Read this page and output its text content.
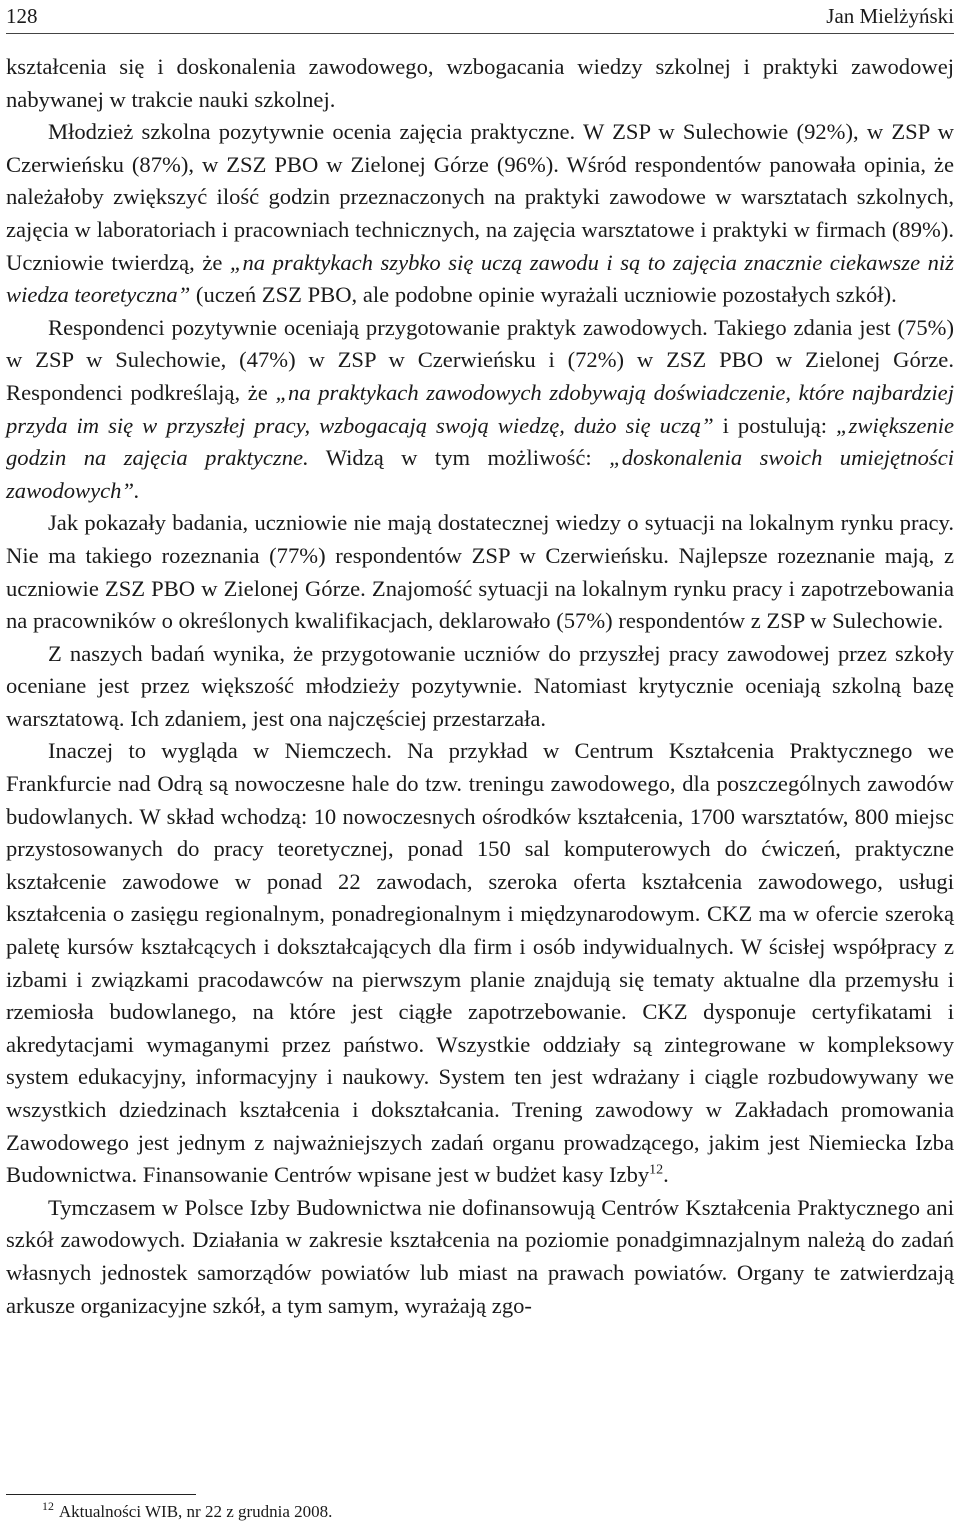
128	Jan Mielżyński

kształcenia się i doskonalenia zawodowego, wzbogacania wiedzy szkolnej i praktyki zawodowej nabywanej w trakcie nauki szkolnej.

Młodzież szkolna pozytywnie ocenia zajęcia praktyczne. W ZSP w Sulechowie (92%), w ZSP w Czerwieńsku (87%), w ZSZ PBO w Zielonej Górze (96%). Wśród respondentów panowała opinia, że należałoby zwiększyć ilość godzin przeznaczonych na praktyki zawodowe w warsztatach szkolnych, zajęcia w laboratoriach i pracowniach technicznych, na zajęcia warsztatowe i praktyki w firmach (89%). Uczniowie twierdzą, że „na praktykach szybko się uczą zawodu i są to zajęcia znacznie ciekawsze niż wiedza teoretyczna” (uczeń ZSZ PBO, ale podobne opinie wyrażali uczniowie pozostałych szkół).

Respondenci pozytywnie oceniają przygotowanie praktyk zawodowych. Takiego zdania jest (75%) w ZSP w Sulechowie, (47%) w ZSP w Czerwieńsku i (72%) w ZSZ PBO w Zielonej Górze. Respondenci podkreślają, że „na praktykach zawodowych zdobywają doświadczenie, które najbardziej przyda im się w przyszłej pracy, wzbogacają swoją wiedzę, dużo się uczą” i postulują: „zwiększenie godzin na zajęcia praktyczne. Widzą w tym możliwość: „doskonalenia swoich umiejętności zawodowych”.

Jak pokazały badania, uczniowie nie mają dostatecznej wiedzy o sytuacji na lokalnym rynku pracy. Nie ma takiego rozeznania (77%) respondentów ZSP w Czerwieńsku. Najlepsze rozeznanie mają, z uczniowie ZSZ PBO w Zielonej Górze. Znajomość sytuacji na lokalnym rynku pracy i zapotrzebowania na pracowników o określonych kwalifikacjach, deklarowało (57%) respondentów z ZSP w Sulechowie.

Z naszych badań wynika, że przygotowanie uczniów do przyszłej pracy zawodowej przez szkoły oceniane jest przez większość młodzieży pozytywnie. Natomiast krytycznie oceniają szkolną bazę warsztatową. Ich zdaniem, jest ona najczęściej przestarzała.

Inaczej to wygląda w Niemczech. Na przykład w Centrum Kształcenia Praktycznego we Frankfurcie nad Odrą są nowoczesne hale do tzw. treningu zawodowego, dla poszczególnych zawodów budowlanych. W skład wchodzą: 10 nowoczesnych ośrodków kształcenia, 1700 warsztatów, 800 miejsc przystosowanych do pracy teoretycznej, ponad 150 sal komputerowych do ćwiczeń, praktyczne kształcenie zawodowe w ponad 22 zawodach, szeroka oferta kształcenia zawodowego, usługi kształcenia o zasięgu regionalnym, ponadregionalnym i międzynarodowym. CKZ ma w ofercie szeroką paletę kursów kształcących i dokształcających dla firm i osób indywidualnych. W ścisłej współpracy z izbami i związkami pracodawców na pierwszym planie znajdują się tematy aktualne dla przemysłu i rzemiosła budowlanego, na które jest ciągłe zapotrzebowanie. CKZ dysponuje certyfikatami i akredytacjami wymaganymi przez państwo. Wszystkie oddziały są zintegrowane w kompleksowy system edukacyjny, informacyjny i naukowy. System ten jest wdrażany i ciągle rozbudowywany we wszystkich dziedzinach kształcenia i dokształcania. Trening zawodowy w Zakładach promowania Zawodowego jest jednym z najważniejszych zadań organu prowadzącego, jakim jest Niemiecka Izba Budownictwa. Finansowanie Centrów wpisane jest w budżet kasy Izby$^{12}$.

Tymczasem w Polsce Izby Budownictwa nie dofinansowują Centrów Kształcenia Praktycznego ani szkół zawodowych. Działania w zakresie kształcenia na poziomie ponadgimnazjalnym należą do zadań własnych jednostek samorządów powiatów lub miast na prawach powiatów. Organy te zatwierdzają arkusze organizacyjne szkół, a tym samym, wyrażają zgo-

$^{12}$ Aktualności WIB, nr 22 z grudnia 2008.
